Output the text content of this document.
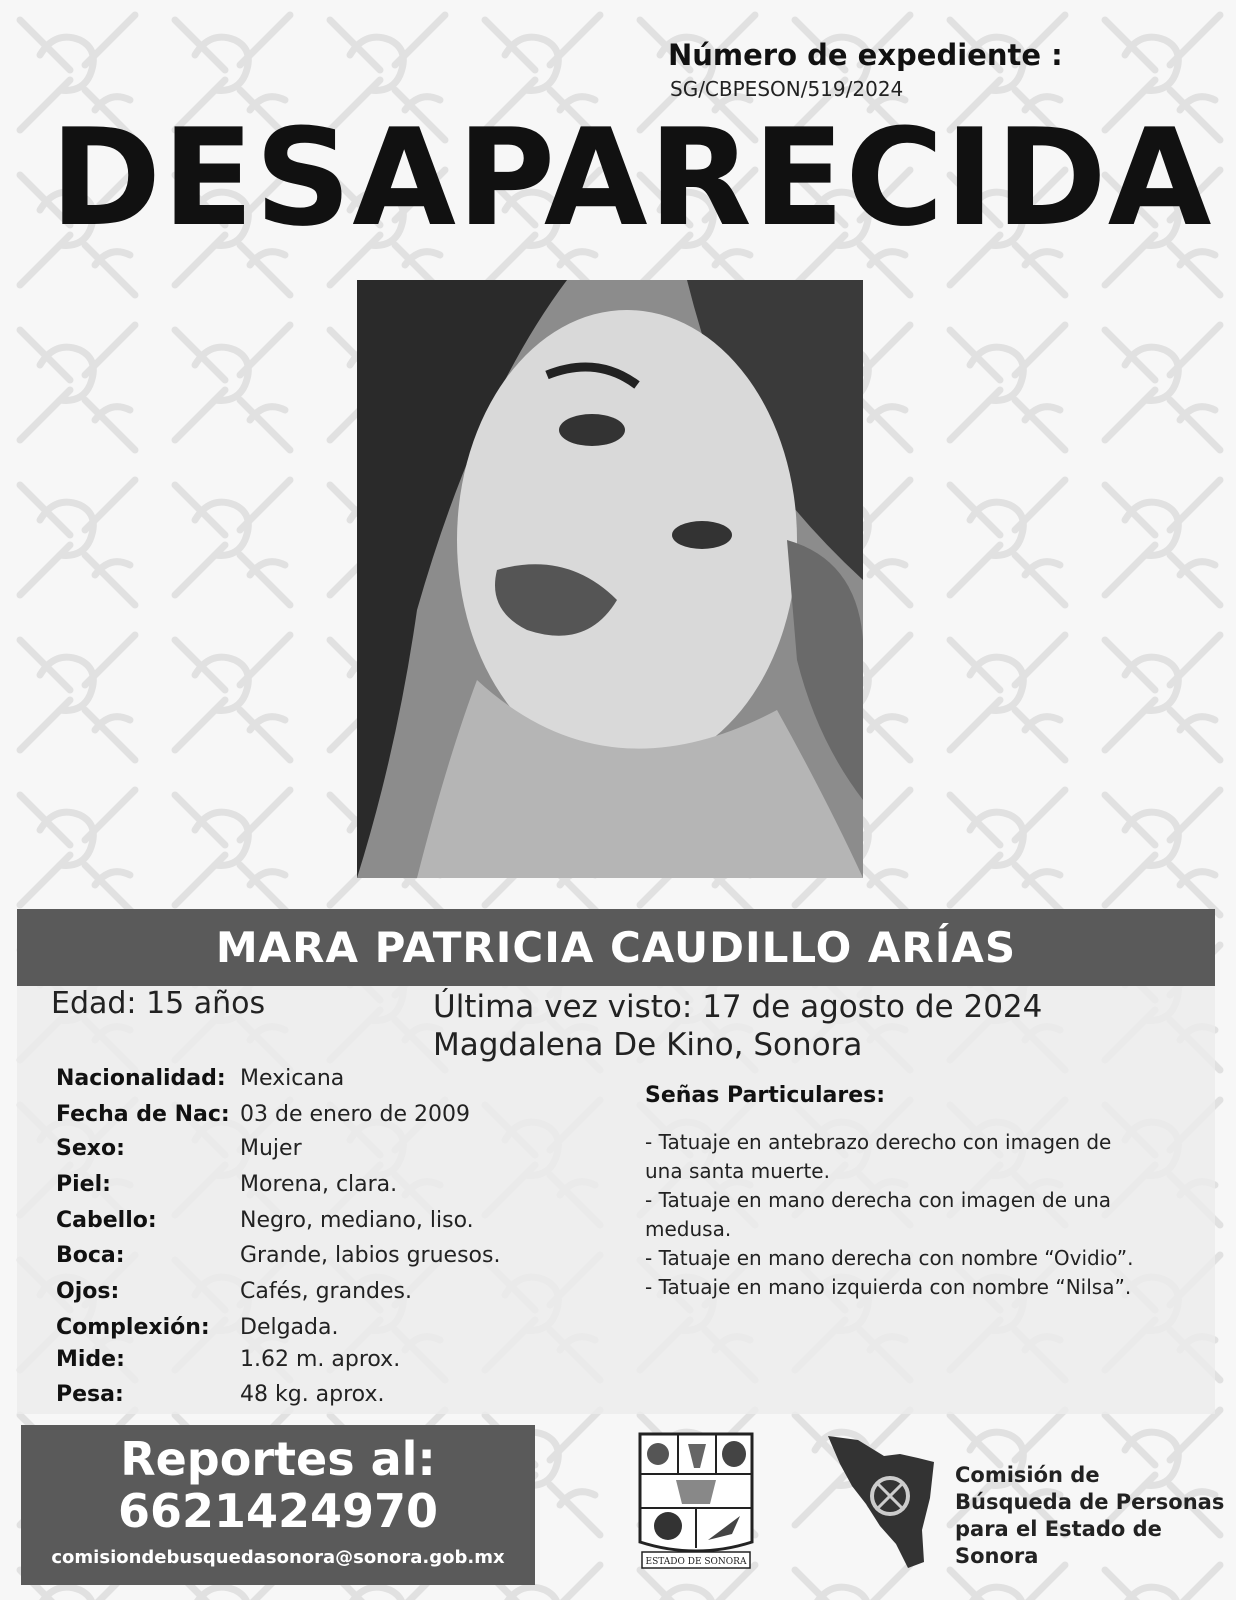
Número de expediente :
SG/CBPESON/519/2024
DESAPARECIDA
MARA PATRICIA CAUDILLO ARÍAS
Edad: 15 años	Última vez visto: 17 de agosto de 2024
Magdalena De Kino, Sonora
Nacionalidad: Mexicana
Fecha de Nac: 03 de enero de 2009
Sexo:	Mujer
Piel:	Morena, clara.
Cabello:	Negro, mediano, liso.
Boca:	Grande, labios gruesos.
Ojos:	Cafés, grandes.
Complexión: Delgada.
Mide:	1.62 m. aprox.
Pesa:	48 kg. aprox.
Señas Particulares:
- Tatuaje en antebrazo derecho con imagen de
una santa muerte.
- Tatuaje en mano derecha con imagen de una
medusa.
- Tatuaje en mano derecha con nombre “Ovidio”.
- Tatuaje en mano izquierda con nombre “Nilsa”.
Reportes al:
6621424970
comisiondebusquedasonora@sonora.gob.mx	ESTADO DE SONORA
Comisión de
Búsqueda de Personas
para el Estado de Sonora
